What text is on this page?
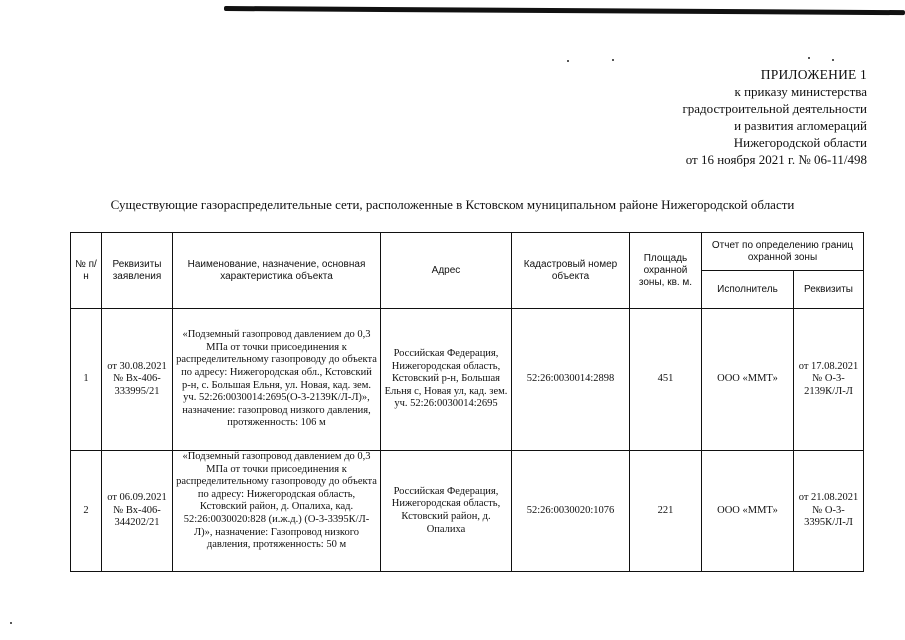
ПРИЛОЖЕНИЕ 1
к приказу министерства
градостроительной деятельности
и развития агломераций
Нижегородской области
от 16 ноября 2021 г. № 06-11/498
Существующие газораспределительные сети, расположенные в Кстовском муниципальном районе Нижегородской области
№ п/н	Реквизиты заявления	Наименование, назначение, основная характеристика объекта	Адрес	Кадастровый номер объекта	Площадь охранной зоны, кв. м.	Отчет по определению границ охранной зоны	
						Исполнитель	Реквизиты
1	от 30.08.2021 № Вх-406-333995/21	«Подземный газопровод давлением до 0,3 МПа от точки присоединения к распределительному газопроводу до объекта по адресу: Нижегородская обл., Кстовский р-н, с. Большая Ельня, ул. Новая, кад. зем. уч. 52:26:0030014:2695(О-3-2139К/Л-Л)», назначение: газопровод низкого давления, протяженность: 106 м	Российская Федерация, Нижегородская область, Кстовский р-н, Большая Ельня с, Новая ул, кад. зем. уч. 52:26:0030014:2695	52:26:0030014:2898	451	ООО «ММТ»	от 17.08.2021 № О-3-2139К/Л-Л
2	от 06.09.2021 № Вх-406-344202/21	«Подземный газопровод давлением до 0,3 МПа от точки присоединения к распределительному газопроводу до объекта по адресу: Нижегородская область, Кстовский район, д. Опалиха, кад. 52:26:0030020:828 (и.ж.д.) (О-3-3395К/Л-Л)», назначение: Газопровод низкого давления, протяженность: 50 м	Российская Федерация, Нижегородская область, Кстовский район, д. Опалиха	52:26:0030020:1076	221	ООО «ММТ»	от 21.08.2021 № О-3-3395К/Л-Л
